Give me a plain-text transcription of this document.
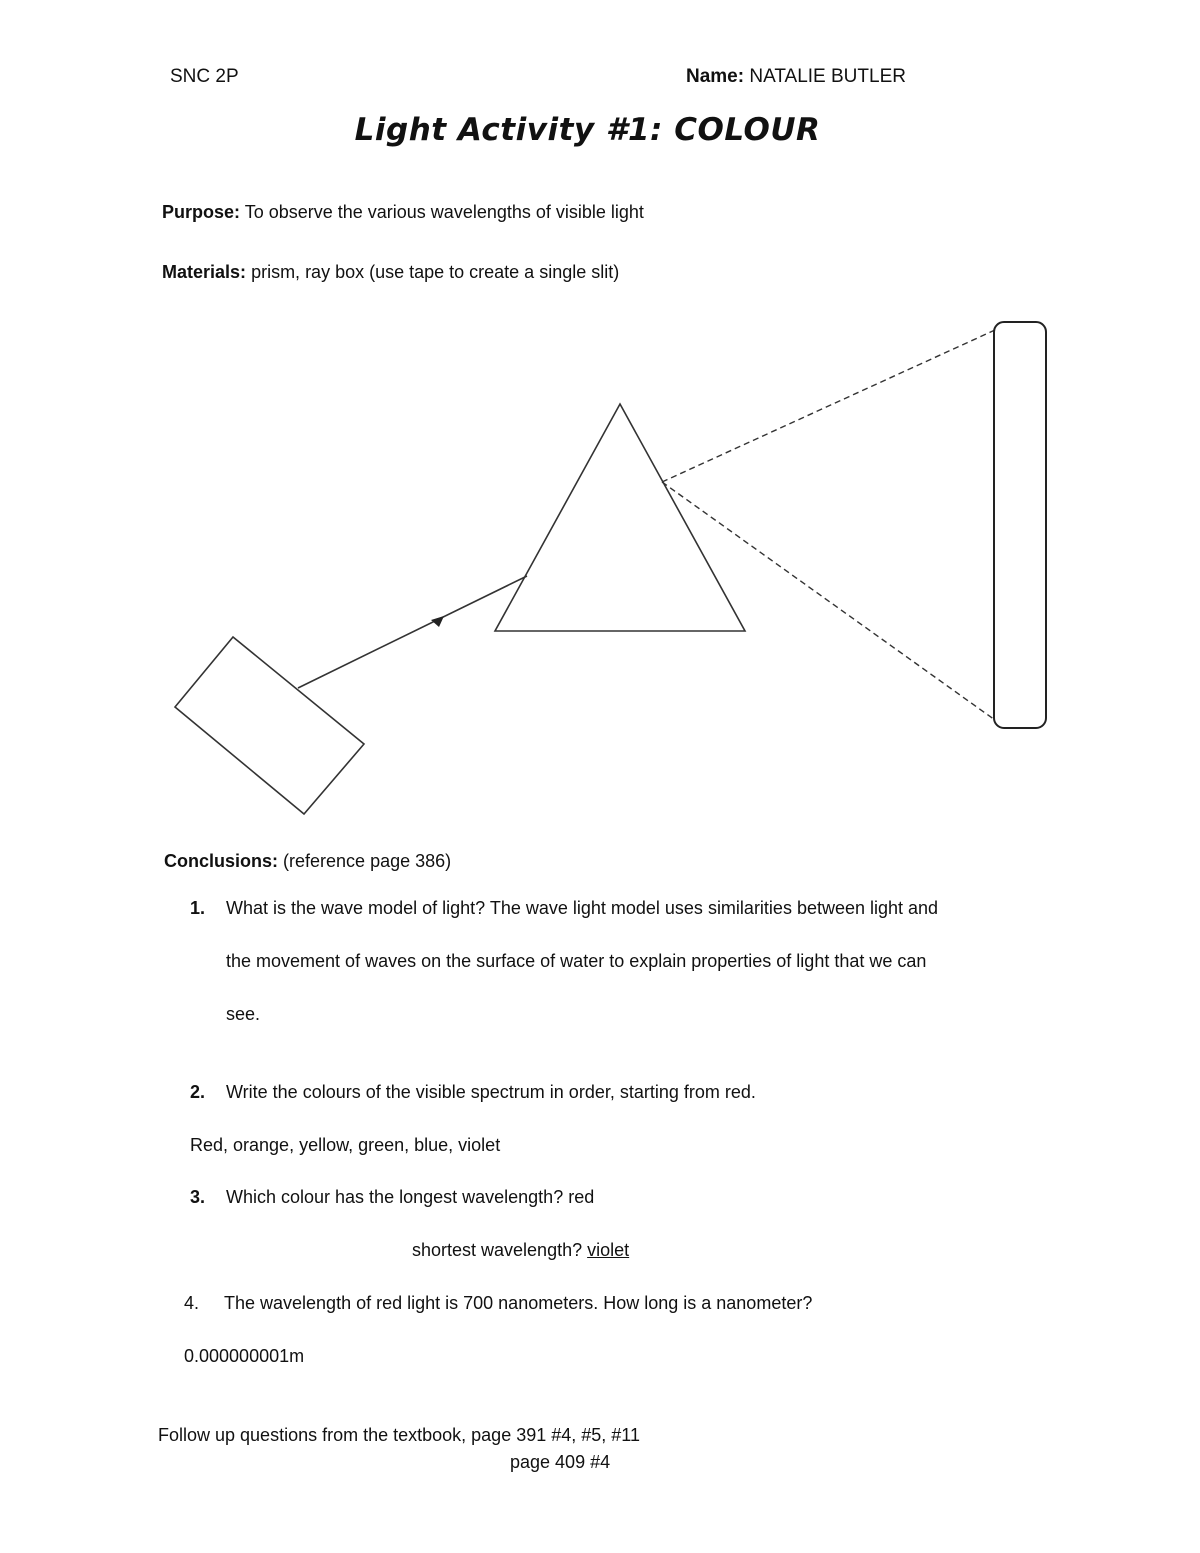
SNC 2P	Name: NATALIE BUTLER
Light Activity #1: COLOUR
Purpose: To observe the various wavelengths of visible light
Materials: prism, ray box (use tape to create a single slit)
Conclusions: (reference page 386)
1. What is the wave model of light? The wave light model uses similarities between light and
the movement of waves on the surface of water to explain properties of light that we can
see.
2. Write the colours of the visible spectrum in order, starting from red.
Red, orange, yellow, green, blue, violet
3. Which colour has the longest wavelength? red
shortest wavelength? violet
4. The wavelength of red light is 700 nanometers. How long is a nanometer?
0.000000001m
Follow up questions from the textbook, page 391 #4, #5, #11
page 409 #4
